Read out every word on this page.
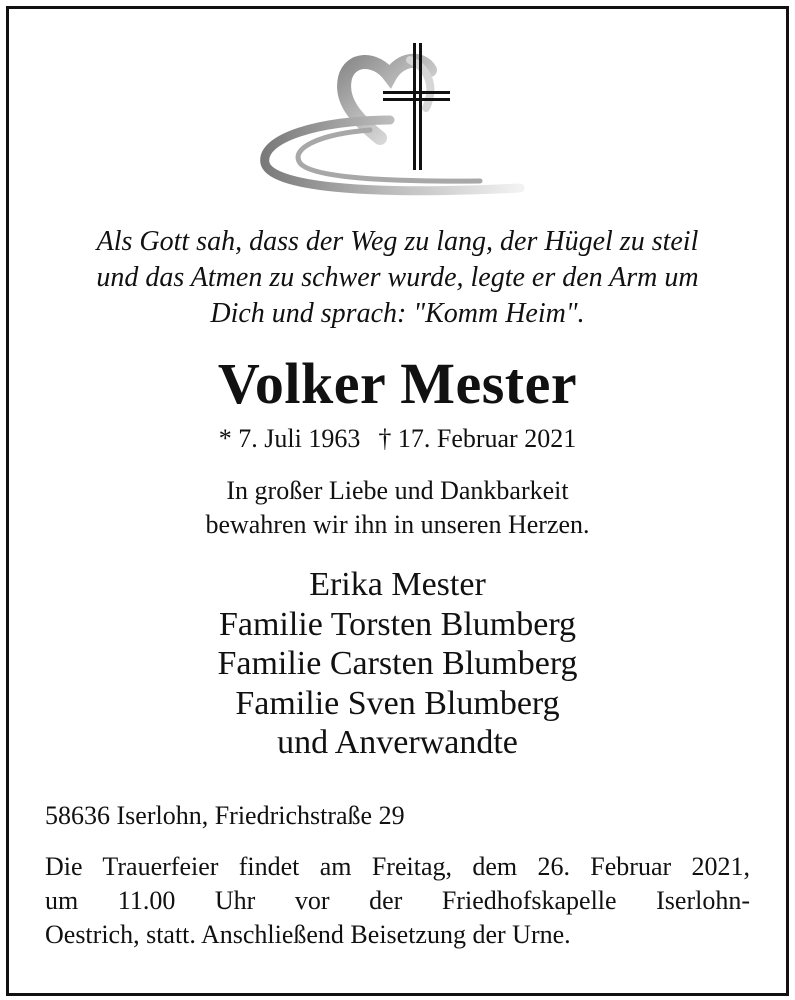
Als Gott sah, dass der Weg zu lang, der Hügel zu steil
und das Atmen zu schwer wurde, legte er den Arm um
Dich und sprach: "Komm Heim".
Volker Mester
* 7. Juli 1963 † 17. Februar 2021
In großer Liebe und Dankbarkeit
bewahren wir ihn in unseren Herzen.
Erika Mester
Familie Torsten Blumberg
Familie Carsten Blumberg
Familie Sven Blumberg
und Anverwandte
58636 Iserlohn, Friedrichstraße 29
Die Trauerfeier findet am Freitag, dem 26. Februar 2021,
um 11.00 Uhr vor der Friedhofskapelle Iserlohn-
Oestrich, statt. Anschließend Beisetzung der Urne.
